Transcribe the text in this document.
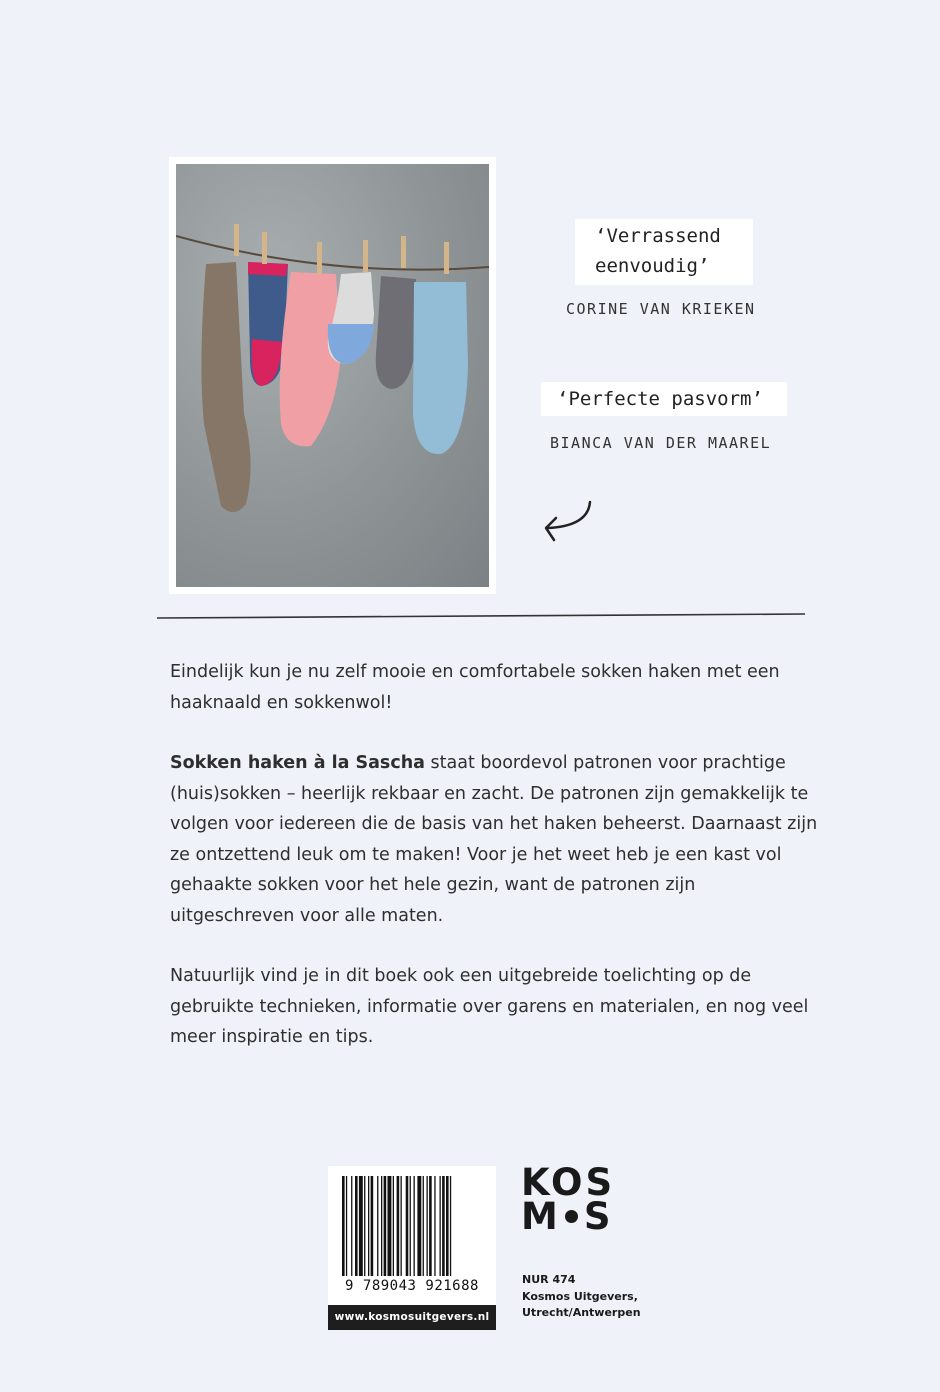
‘Verrassend
eenvoudig’
CORINE VAN KRIEKEN
‘Perfecte pasvorm’
BIANCA VAN DER MAAREL

Eindelijk kun je nu zelf mooie en comfortabele sokken haken met een haaknaald en sokkenwol!

Sokken haken à la Sascha staat boordevol patronen voor prachtige (huis)sokken – heerlijk rekbaar en zacht. De patronen zijn gemakkelijk te volgen voor iedereen die de basis van het haken beheerst. Daarnaast zijn ze ontzettend leuk om te maken! Voor je het weet heb je een kast vol gehaakte sokken voor het hele gezin, want de patronen zijn uitgeschreven voor alle maten.

Natuurlijk vind je in dit boek ook een uitgebreide toelichting op de gebruikte technieken, informatie over garens en materialen, en nog veel meer inspiratie en tips.

9 789043 921688
www.kosmosuitgevers.nl
KOS
M S
NUR 474
Kosmos Uitgevers,
Utrecht/Antwerpen
